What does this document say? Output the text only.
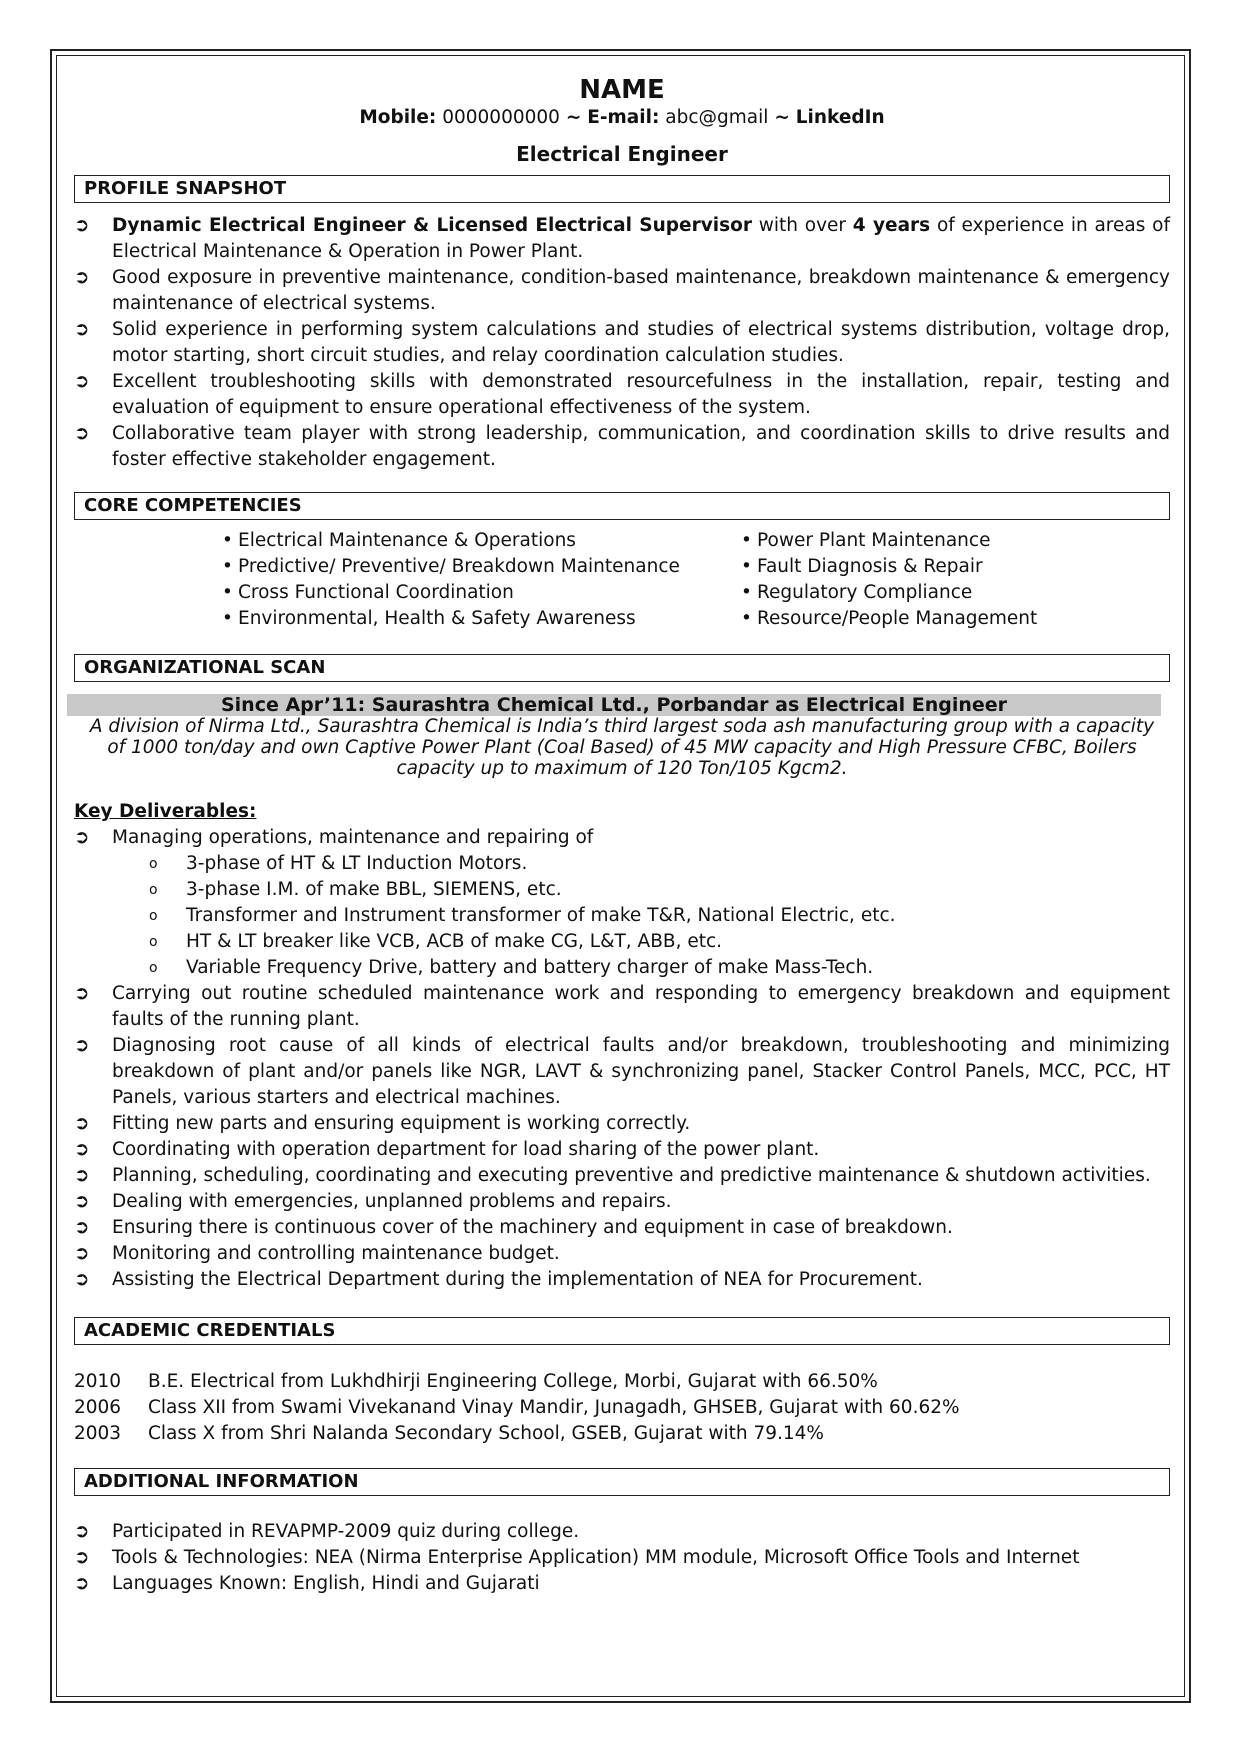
NAME
Mobile: 0000000000 ~ E-mail: abc@gmail ~ LinkedIn
Electrical Engineer
PROFILE SNAPSHOT
➲	Dynamic Electrical Engineer & Licensed Electrical Supervisor with over 4 years of experience in areas of Electrical Maintenance & Operation in Power Plant.
➲	Good exposure in preventive maintenance, condition-based maintenance, breakdown maintenance & emergency maintenance of electrical systems.
➲	Solid experience in performing system calculations and studies of electrical systems distribution, voltage drop, motor starting, short circuit studies, and relay coordination calculation studies.
➲	Excellent troubleshooting skills with demonstrated resourcefulness in the installation, repair, testing and evaluation of equipment to ensure operational effectiveness of the system.
➲	Collaborative team player with strong leadership, communication, and coordination skills to drive results and foster effective stakeholder engagement.
CORE COMPETENCIES
• Electrical Maintenance & Operations
• Predictive/ Preventive/ Breakdown Maintenance
• Cross Functional Coordination
• Environmental, Health & Safety Awareness
• Power Plant Maintenance
• Fault Diagnosis & Repair
• Regulatory Compliance
• Resource/People Management
ORGANIZATIONAL SCAN
Since Apr’11: Saurashtra Chemical Ltd., Porbandar as Electrical Engineer
A division of Nirma Ltd., Saurashtra Chemical is India’s third largest soda ash manufacturing group with a capacity
of 1000 ton/day and own Captive Power Plant (Coal Based) of 45 MW capacity and High Pressure CFBC, Boilers
capacity up to maximum of 120 Ton/105 Kgcm2.
Key Deliverables:
➲	Managing operations, maintenance and repairing of
o 3-phase of HT & LT Induction Motors.
o 3-phase I.M. of make BBL, SIEMENS, etc.
o Transformer and Instrument transformer of make T&R, National Electric, etc.
o HT & LT breaker like VCB, ACB of make CG, L&T, ABB, etc.
o Variable Frequency Drive, battery and battery charger of make Mass-Tech.
➲	Carrying out routine scheduled maintenance work and responding to emergency breakdown and equipment faults of the running plant.
➲	Diagnosing root cause of all kinds of electrical faults and/or breakdown, troubleshooting and minimizing breakdown of plant and/or panels like NGR, LAVT & synchronizing panel, Stacker Control Panels, MCC, PCC, HT Panels, various starters and electrical machines.
➲	Fitting new parts and ensuring equipment is working correctly.
➲	Coordinating with operation department for load sharing of the power plant.
➲	Planning, scheduling, coordinating and executing preventive and predictive maintenance & shutdown activities.
➲	Dealing with emergencies, unplanned problems and repairs.
➲	Ensuring there is continuous cover of the machinery and equipment in case of breakdown.
➲	Monitoring and controlling maintenance budget.
➲	Assisting the Electrical Department during the implementation of NEA for Procurement.
ACADEMIC CREDENTIALS
2010	B.E. Electrical from Lukhdhirji Engineering College, Morbi, Gujarat with 66.50%
2006	Class XII from Swami Vivekanand Vinay Mandir, Junagadh, GHSEB, Gujarat with 60.62%
2003	Class X from Shri Nalanda Secondary School, GSEB, Gujarat with 79.14%
ADDITIONAL INFORMATION
➲	Participated in REVAPMP-2009 quiz during college.
➲	Tools & Technologies: NEA (Nirma Enterprise Application) MM module, Microsoft Office Tools and Internet
➲	Languages Known: English, Hindi and Gujarati
